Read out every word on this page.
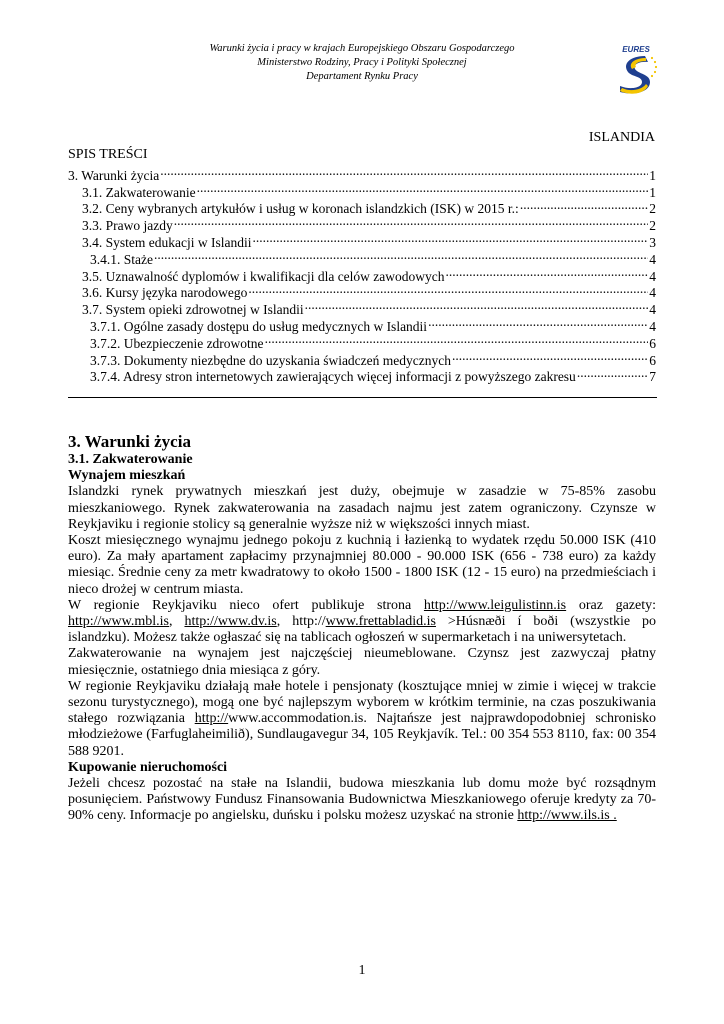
Warunki życia i pracy w krajach Europejskiego Obszaru Gospodarczego
Ministerstwo Rodziny, Pracy i Polityki Społecznej
Departament Rynku Pracy
EURES
ISLANDIA
SPIS TREŚCI
3. Warunki życia .....	1
3.1. Zakwaterowanie .....	1
3.2. Ceny wybranych artykułów i usług w koronach islandzkich (ISK) w 2015 r.: .....	2
3.3. Prawo jazdy .....	2
3.4. System edukacji w Islandii .....	3
3.4.1. Staże .....	4
3.5. Uznawalność dyplomów i kwalifikacji dla celów zawodowych .....	4
3.6. Kursy języka narodowego .....	4
3.7. System opieki zdrowotnej w Islandii .....	4
3.7.1. Ogólne zasady dostępu do usług medycznych w Islandii .....	4
3.7.2. Ubezpieczenie zdrowotne .....	6
3.7.3. Dokumenty niezbędne do uzyskania świadczeń medycznych .....	6
3.7.4. Adresy stron internetowych zawierających więcej informacji z powyższego zakresu .....	7
3. Warunki życia
3.1. Zakwaterowanie
Wynajem mieszkań

Islandzki rynek prywatnych mieszkań jest duży, obejmuje w zasadzie w 75-85% zasobu mieszkaniowego. Rynek zakwaterowania na zasadach najmu jest zatem ograniczony. Czynsze w Reykjaviku i regionie stolicy są generalnie wyższe niż w większości innych miast.

Koszt miesięcznego wynajmu jednego pokoju z kuchnią i łazienką to wydatek rzędu 50.000 ISK (410 euro). Za mały apartament zapłacimy przynajmniej 80.000 - 90.000 ISK (656 - 738 euro) za każdy miesiąc. Średnie ceny za metr kwadratowy to około 1500 - 1800 ISK (12 - 15 euro) na przedmieściach i nieco drożej w centrum miasta.

W regionie Reykjaviku nieco ofert publikuje strona http://www.leigulistinn.is oraz gazety: http://www.mbl.is, http://www.dv.is, http://www.frettabladid.is >Húsnæði í boði (wszystkie po islandzku). Możesz także ogłaszać się na tablicach ogłoszeń w supermarketach i na uniwersytetach.

Zakwaterowanie na wynajem jest najczęściej nieumeblowane. Czynsz jest zazwyczaj płatny miesięcznie, ostatniego dnia miesiąca z góry.

W regionie Reykjaviku działają małe hotele i pensjonaty (kosztujące mniej w zimie i więcej w trakcie sezonu turystycznego), mogą one być najlepszym wyborem w krótkim terminie, na czas poszukiwania stałego rozwiązania http://www.accommodation.is. Najtańsze jest najprawdopodobniej schronisko młodzieżowe (Farfuglaheimilið), Sundlaugavegur 34, 105 Reykjavík. Tel.: 00 354 553 8110, fax: 00 354 588 9201.

Kupowanie nieruchomości

Jeżeli chcesz pozostać na stałe na Islandii, budowa mieszkania lub domu może być rozsądnym posunięciem. Państwowy Fundusz Finansowania Budownictwa Mieszkaniowego oferuje kredyty za 70-90% ceny. Informacje po angielsku, duńsku i polsku możesz uzyskać na stronie http://www.ils.is .

1
